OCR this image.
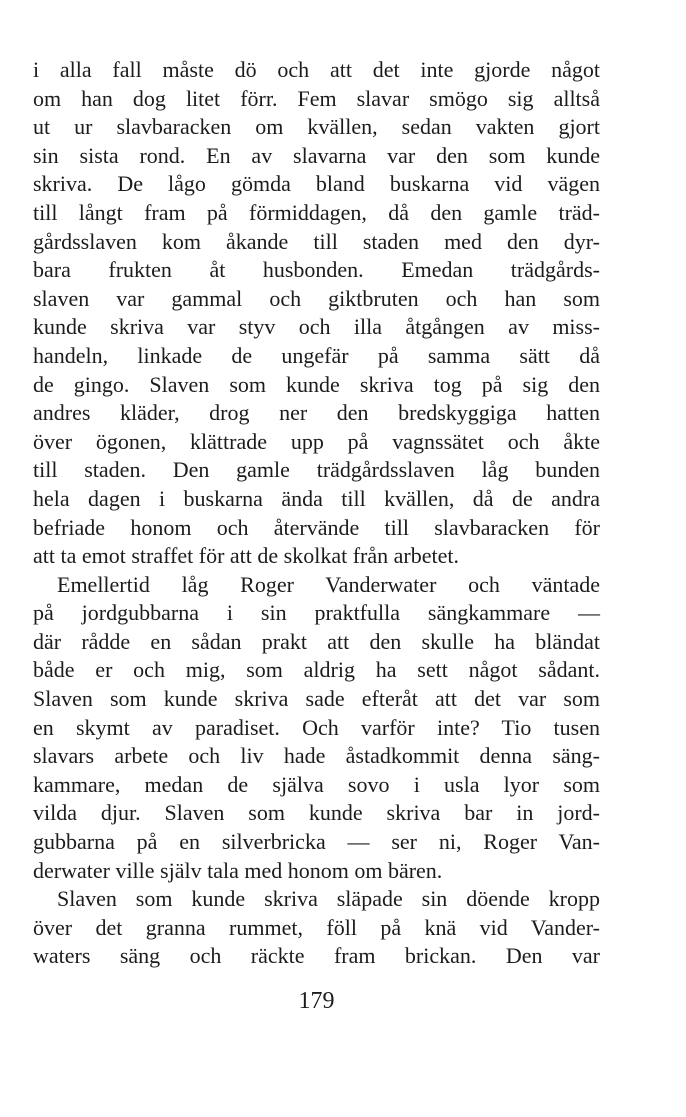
i alla fall måste dö och att det inte gjorde något
om han dog litet förr. Fem slavar smögo sig alltså
ut ur slavbaracken om kvällen, sedan vakten gjort
sin sista rond. En av slavarna var den som kunde
skriva. De lågo gömda bland buskarna vid vägen
till långt fram på förmiddagen, då den gamle träd-
gårdsslaven kom åkande till staden med den dyr-
bara frukten åt husbonden. Emedan trädgårds-
slaven var gammal och giktbruten och han som
kunde skriva var styv och illa åtgången av miss-
handeln, linkade de ungefär på samma sätt då
de gingo. Slaven som kunde skriva tog på sig den
andres kläder, drog ner den bredskyggiga hatten
över ögonen, klättrade upp på vagnssätet och åkte
till staden. Den gamle trädgårdsslaven låg bunden
hela dagen i buskarna ända till kvällen, då de andra
befriade honom och återvände till slavbaracken för
att ta emot straffet för att de skolkat från arbetet.
Emellertid låg Roger Vanderwater och väntade
på jordgubbarna i sin praktfulla sängkammare —
där rådde en sådan prakt att den skulle ha bländat
både er och mig, som aldrig ha sett något sådant.
Slaven som kunde skriva sade efteråt att det var som
en skymt av paradiset. Och varför inte? Tio tusen
slavars arbete och liv hade åstadkommit denna säng-
kammare, medan de själva sovo i usla lyor som
vilda djur. Slaven som kunde skriva bar in jord-
gubbarna på en silverbricka — ser ni, Roger Van-
derwater ville själv tala med honom om bären.
Slaven som kunde skriva släpade sin döende kropp
över det granna rummet, föll på knä vid Vander-
waters säng och räckte fram brickan. Den var
179
